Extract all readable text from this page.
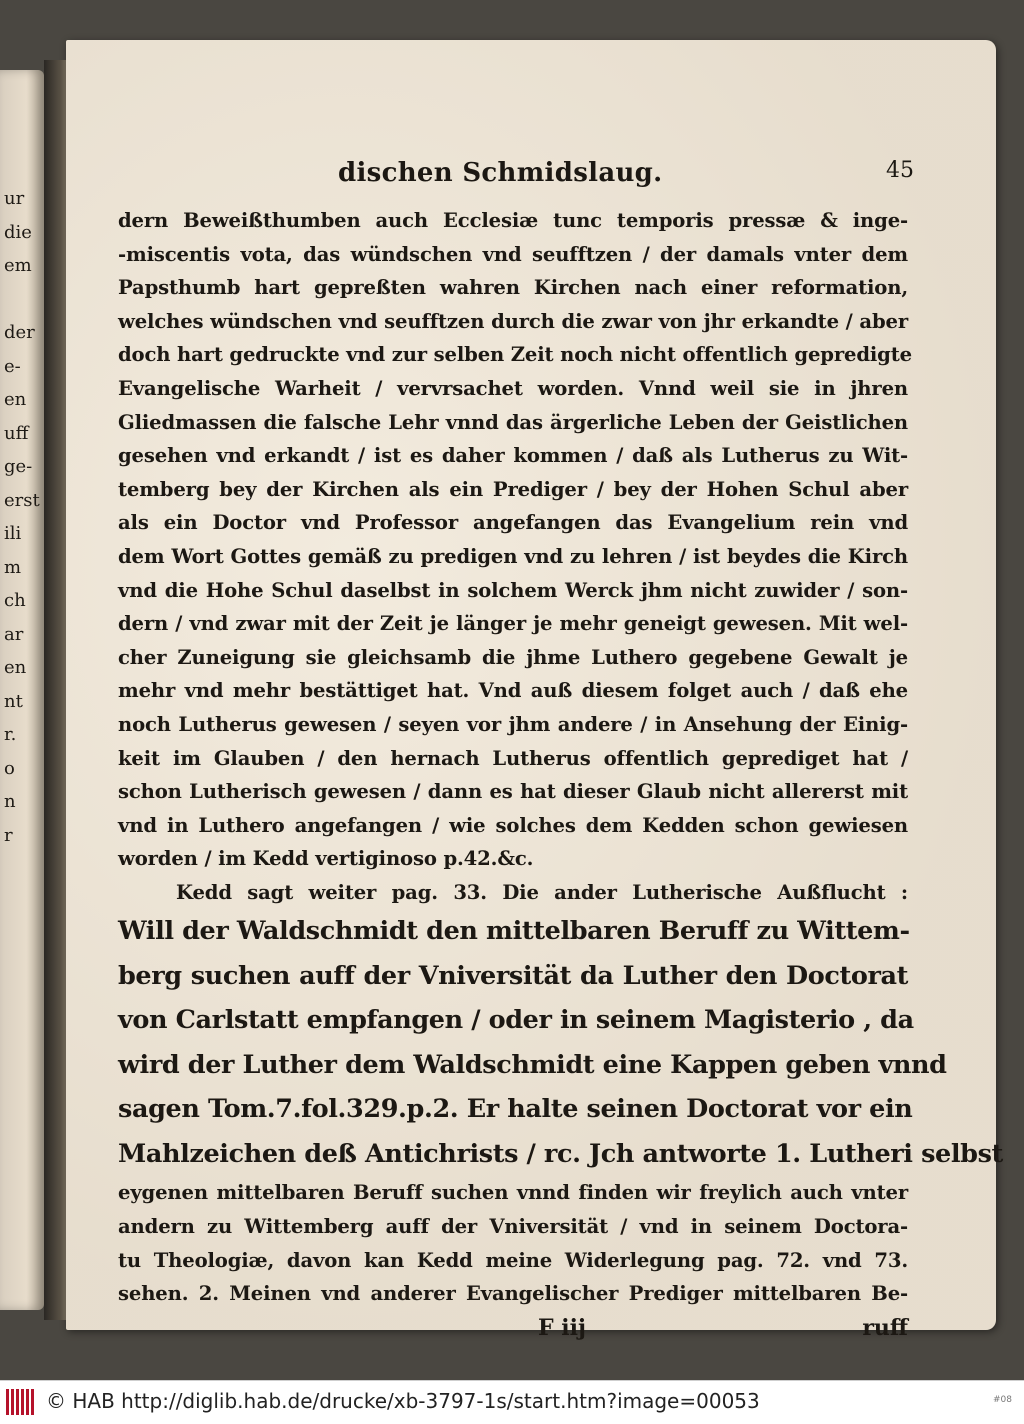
ur
die
em

der
e-
en
uff
ge-
erst
ili
m
ch
ar
en
nt
r.
o
n
r
dischen Schmidslaug.	45
dern Beweißthumben auch Ecclesiæ tunc temporis pressæ & inge-
-miscentis vota, das wündschen vnd seufftzen / der damals vnter dem
Papsthumb hart gepreßten wahren Kirchen nach einer reformation,
welches wündschen vnd seufftzen durch die zwar von jhr erkandte / aber
doch hart gedruckte vnd zur selben Zeit noch nicht offentlich gepredigte
Evangelische Warheit / vervrsachet worden. Vnnd weil sie in jhren
Gliedmassen die falsche Lehr vnnd das ärgerliche Leben der Geistlichen
gesehen vnd erkandt / ist es daher kommen / daß als Lutherus zu Wit-
temberg bey der Kirchen als ein Prediger / bey der Hohen Schul aber
als ein Doctor vnd Professor angefangen das Evangelium rein vnd
dem Wort Gottes gemäß zu predigen vnd zu lehren / ist beydes die Kirch
vnd die Hohe Schul daselbst in solchem Werck jhm nicht zuwider / son-
dern / vnd zwar mit der Zeit je länger je mehr geneigt gewesen. Mit wel-
cher Zuneigung sie gleichsamb die jhme Luthero gegebene Gewalt je
mehr vnd mehr bestättiget hat. Vnd auß diesem folget auch / daß ehe
noch Lutherus gewesen / seyen vor jhm andere / in Ansehung der Einig-
keit im Glauben / den hernach Lutherus offentlich geprediget hat /
schon Lutherisch gewesen / dann es hat dieser Glaub nicht allererst mit
vnd in Luthero angefangen / wie solches dem Kedden schon gewiesen
worden / im Kedd vertiginoso p.42.&c.
Kedd sagt weiter pag. 33. Die ander Lutherische Außflucht :
Will der Waldschmidt den mittelbaren Beruff zu Wittem-
berg suchen auff der Vniversität da Luther den Doctorat
von Carlstatt empfangen / oder in seinem Magisterio , da
wird der Luther dem Waldschmidt eine Kappen geben vnnd
sagen Tom.7.fol.329.p.2. Er halte seinen Doctorat vor ein
Mahlzeichen deß Antichrists / rc. Jch antworte 1. Lutheri selbst
eygenen mittelbaren Beruff suchen vnnd finden wir freylich auch vnter
andern zu Wittemberg auff der Vniversität / vnd in seinem Doctora-
tu Theologiæ, davon kan Kedd meine Widerlegung pag. 72. vnd 73.
sehen. 2. Meinen vnd anderer Evangelischer Prediger mittelbaren Be-
F iij	ruff
© HAB http://diglib.hab.de/drucke/xb-3797-1s/start.htm?image=00053	#08
